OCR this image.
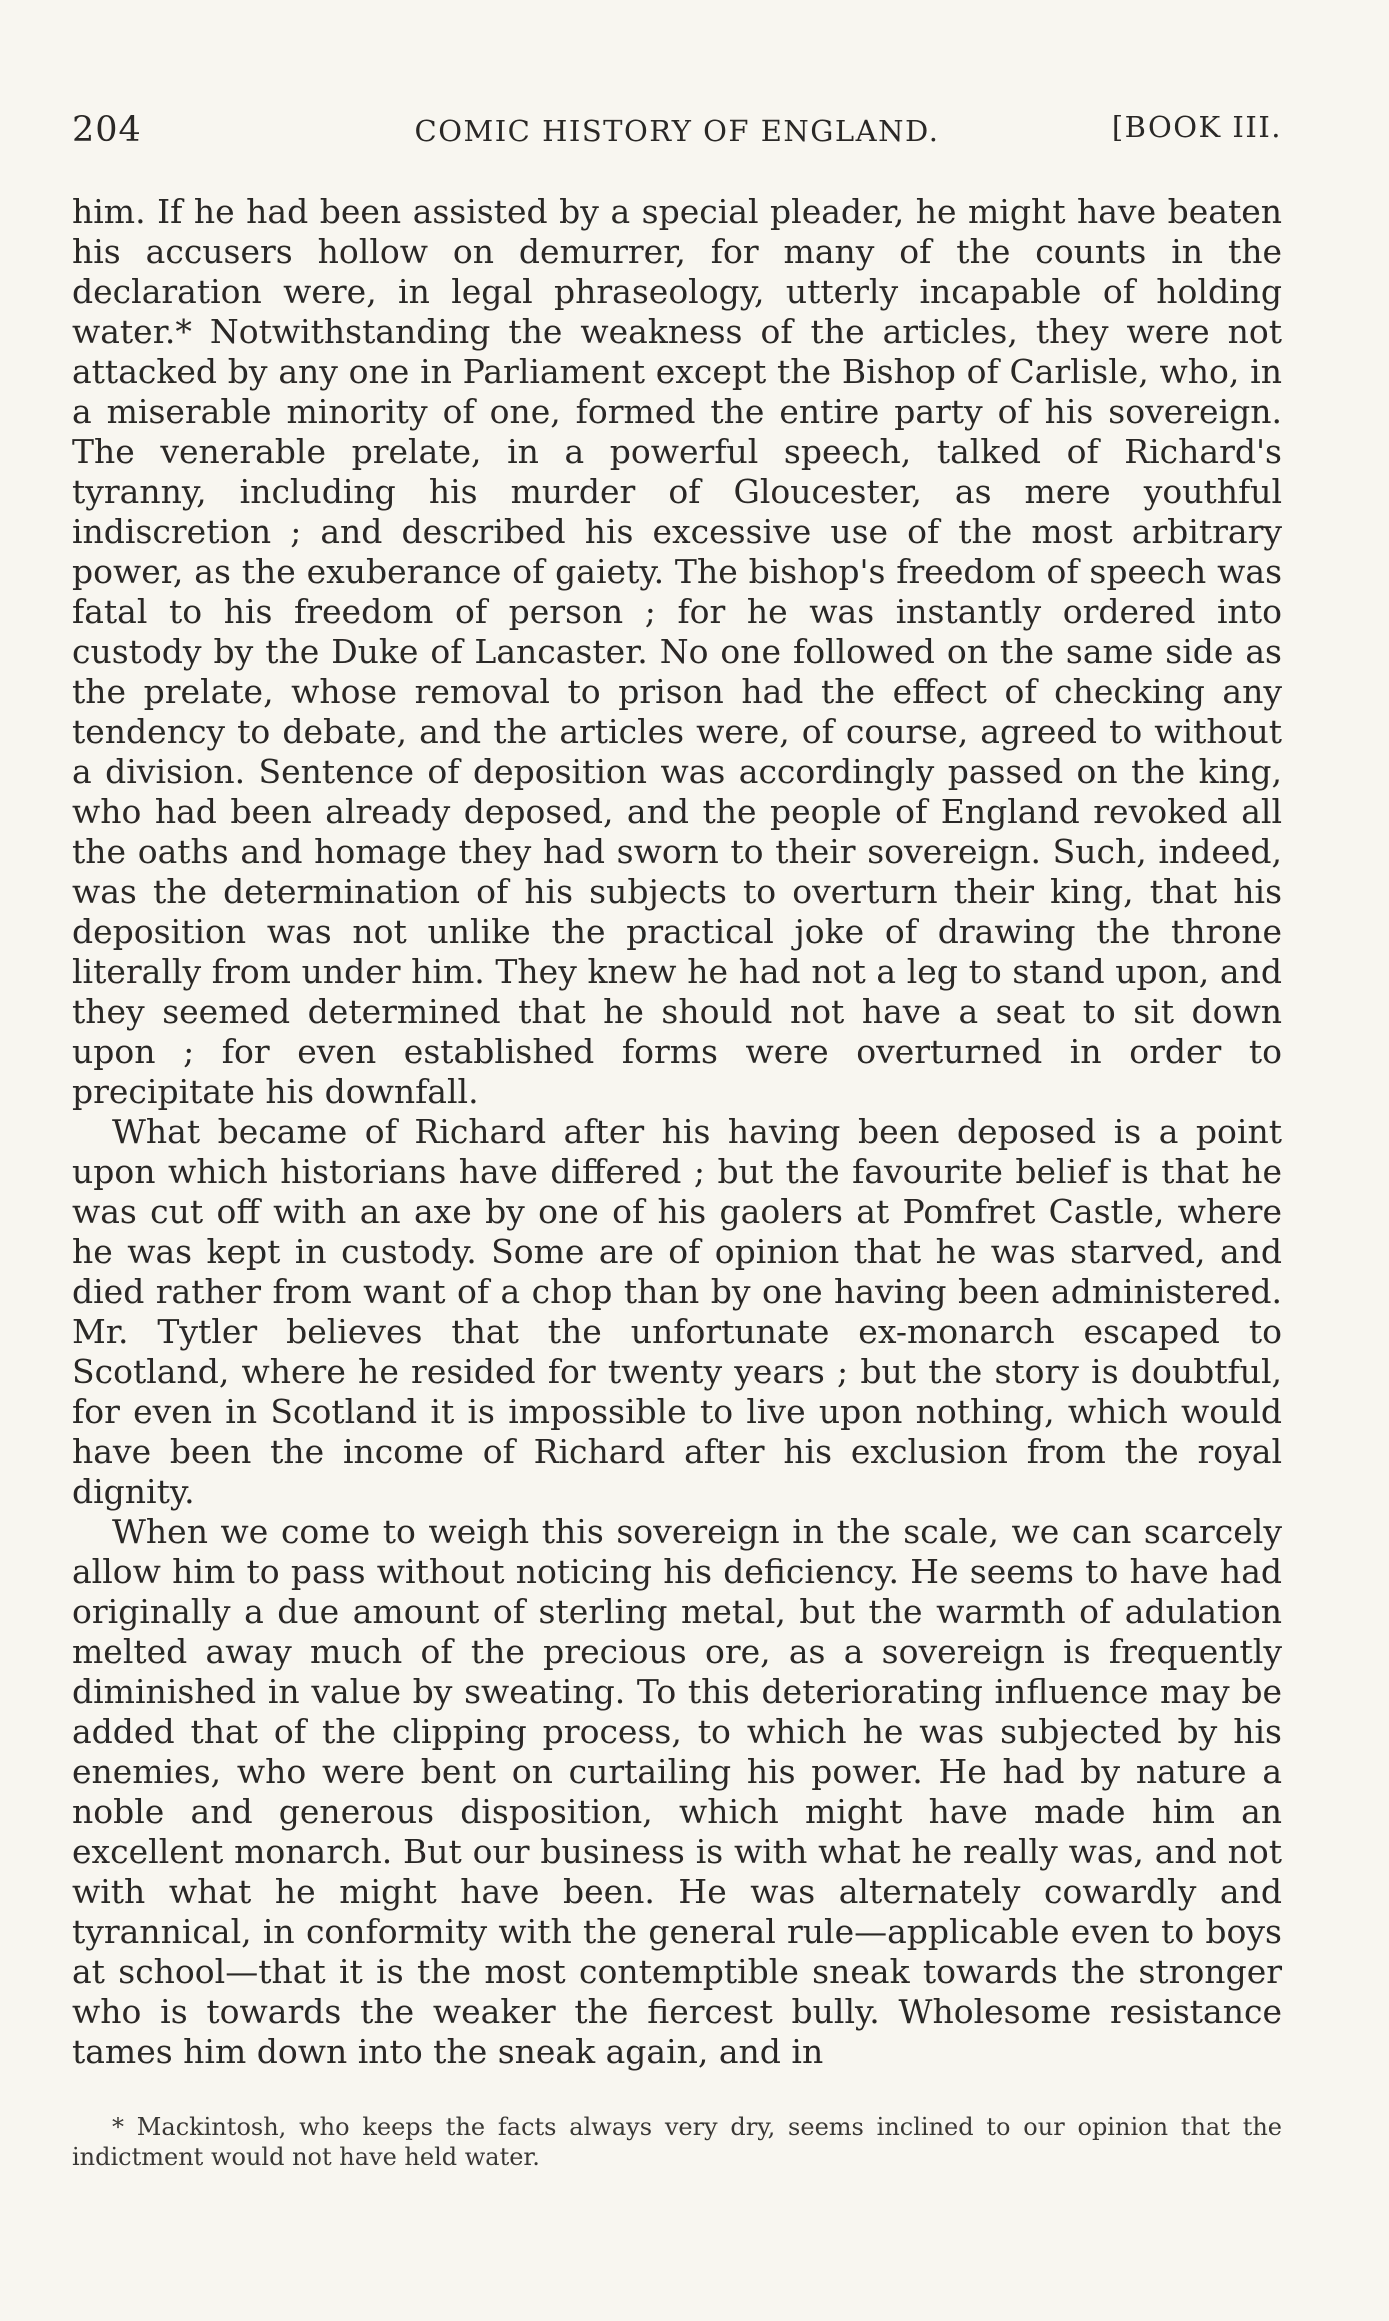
204	COMIC HISTORY OF ENGLAND.	[BOOK III.

him. If he had been assisted by a special pleader, he might have beaten his accusers hollow on demurrer, for many of the counts in the declaration were, in legal phraseology, utterly incapable of holding water.* Notwithstanding the weakness of the articles, they were not attacked by any one in Parliament except the Bishop of Carlisle, who, in a miserable minority of one, formed the entire party of his sovereign. The venerable prelate, in a powerful speech, talked of Richard's tyranny, including his murder of Gloucester, as mere youthful indiscretion ; and described his excessive use of the most arbitrary power, as the exuberance of gaiety. The bishop's freedom of speech was fatal to his freedom of person ; for he was instantly ordered into custody by the Duke of Lancaster. No one followed on the same side as the prelate, whose removal to prison had the effect of checking any tendency to debate, and the articles were, of course, agreed to without a division. Sentence of deposition was accordingly passed on the king, who had been already deposed, and the people of England revoked all the oaths and homage they had sworn to their sovereign. Such, indeed, was the determination of his subjects to overturn their king, that his deposition was not unlike the practical joke of drawing the throne literally from under him. They knew he had not a leg to stand upon, and they seemed determined that he should not have a seat to sit down upon ; for even established forms were overturned in order to precipitate his downfall.

What became of Richard after his having been deposed is a point upon which historians have differed ; but the favourite belief is that he was cut off with an axe by one of his gaolers at Pomfret Castle, where he was kept in custody. Some are of opinion that he was starved, and died rather from want of a chop than by one having been administered. Mr. Tytler believes that the unfortunate ex-monarch escaped to Scotland, where he resided for twenty years ; but the story is doubtful, for even in Scotland it is impossible to live upon nothing, which would have been the income of Richard after his exclusion from the royal dignity.

When we come to weigh this sovereign in the scale, we can scarcely allow him to pass without noticing his deficiency. He seems to have had originally a due amount of sterling metal, but the warmth of adulation melted away much of the precious ore, as a sovereign is frequently diminished in value by sweating. To this deteriorating influence may be added that of the clipping process, to which he was subjected by his enemies, who were bent on curtailing his power. He had by nature a noble and generous disposition, which might have made him an excellent monarch. But our business is with what he really was, and not with what he might have been. He was alternately cowardly and tyrannical, in conformity with the general rule—applicable even to boys at school—that it is the most contemptible sneak towards the stronger who is towards the weaker the fiercest bully. Wholesome resistance tames him down into the sneak again, and in

* Mackintosh, who keeps the facts always very dry, seems inclined to our opinion that the indictment would not have held water.
